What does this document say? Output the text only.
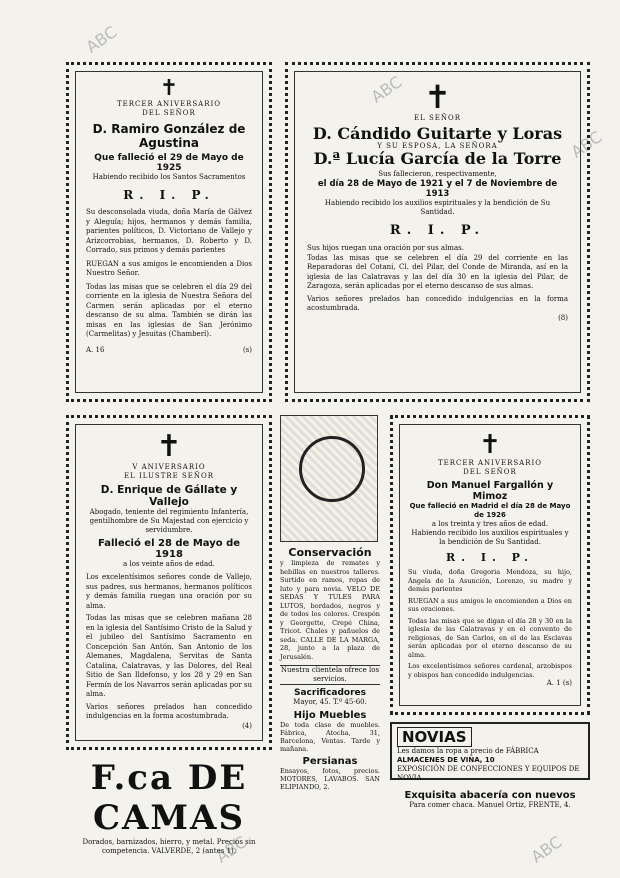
ABC
ABC
ABC
ABC	ABC
✝
TERCER ANIVERSARIO
DEL SEÑOR
D. Ramiro González de Agustina
Que falleció el 29 de Mayo de 1925
Habiendo recibido los Santos Sacramentos
R. I. P.
Su desconsolada viuda, doña María de Gálvez y Aleguía; hijos, hermanos y demás familia, parientes políticos, D. Victoriano de Vallejo y Arizcorrobias, hermanos, D. Roberto y D. Corrado, sus primos y demás parientes
RUEGAN a sus amigos le encomienden a Dios Nuestro Señor.
Todas las misas que se celebren el día 29 del corriente en la iglesia de Nuestra Señora del Carmen serán aplicadas por el eterno descanso de su alma. También se dirán las misas en las iglesias de San Jerónimo (Carmelitas) y Jesuitas (Chamberí).
A. 16	(s)
✝
EL SEÑOR
D. Cándido Guitarte y Loras
Y SU ESPOSA, LA SEÑORA
D.ª Lucía García de la Torre
Sus fallecieron, respectivamente,
el día 28 de Mayo de 1921 y el 7 de Noviembre de 1913
Habiendo recibido los auxilios espirituales y la bendición de Su Santidad.
R. I. P.
Sus hijos ruegan una oración por sus almas.
Todas las misas que se celebren el día 29 del corriente en las Reparadoras del Cotani, Cl. del Pilar, del Conde de Miranda, así en la iglesia de las Calatravas y las del día 30 en la iglesia del Pilar, de Zaragoza, serán aplicadas por el eterno descanso de sus almas.
Varios señores prelados han concedido indulgencias en la forma acostumbrada.
(8)
✝
V ANIVERSARIO
EL ILUSTRE SEÑOR
D. Enrique de Gállate y Vallejo
Abogado, teniente del regimiento Infantería, gentilhombre de Su Majestad con ejercicio y servidumbre.
Falleció el 28 de Mayo de 1918
a los veinte años de edad.
Los excelentísimos señores conde de Vallejo, sus padres, sus hermanos, hermanos políticos y demás familia ruegan una oración por su alma.
Todas las misas que se celebren mañana 28 en la iglesia del Santísimo Cristo de la Salud y el jubileo del Santísimo Sacramento en Concepción San Antón, San Antonio de los Alemanes, Magdalena, Servitas de Santa Catalina, Calatravas, y las Dolores, del Real Sitio de San Ildefonso, y los 28 y 29 en San Fermín de los Navarros serán aplicadas por su alma.
Varios señores prelados han concedido indulgencias en la forma acostumbrada.
(4)
F.ca DE CAMAS
Dorados, barnizados, hierro, y metal. Precios sin competencia. VALVERDE, 2 (antes 1).
Conservación
y limpieza de remates y hebillas en nuestros talleres. Surtido en ramos, ropas de luto y para novia. VELO DE SEDAS Y TULES PARA LUTOS, bordados, negros y de todos los colores. Crespón y Georgette, Crepé China, Tricot. Chales y pañuelos de seda. CALLE DE LA MARGA, 28, junto a la plaza de Jerusalén.
Nuestra clientela ofrece los servicios.
Sacrificadores
Mayor, 45. T.º 45-60.
Hijo Muebles
De toda clase de muebles. Fábrica, Atocha, 31, Barcelona, Ventas. Tarde y mañana.
Persianas
Ensayos, fotos, precios. MOTORES, LAVABOS. SAN ELIPIANDO, 2.
✝
TERCER ANIVERSARIO
DEL SEÑOR
Don Manuel Fargallón y Mimoz
Que falleció en Madrid el día 28 de Mayo de 1926
a los treinta y tres años de edad.
Habiendo recibido los auxilios espirituales y la bendición de Su Santidad.
R. I. P.
Su viuda, doña Gregoria Mendoza, su hijo, Ángela de la Asunción, Lorenzo, su madre y demás parientes
RUEGAN a sus amigos le encomienden a Dios en sus oraciones.
Todas las misas que se digan el día 28 y 30 en la iglesia de las Calatravas y en el convento de religiosas, de San Carlos, en el de las Esclavas serán aplicadas por el eterno descanso de su alma.
Los excelentísimos señores cardenal, arzobispos y obispos han concedido indulgencias.
A. 1 (s)
NOVIAS
Les damos la ropa a precio de FÁBRICA
ALMACENES DE VIÑA, 10
EXPOSICIÓN DE CONFECCIONES Y EQUIPOS DE NOVIA
Exquisita abacería con nuevos
Para comer chaca. Manuel Ortiz, FRENTE, 4.
